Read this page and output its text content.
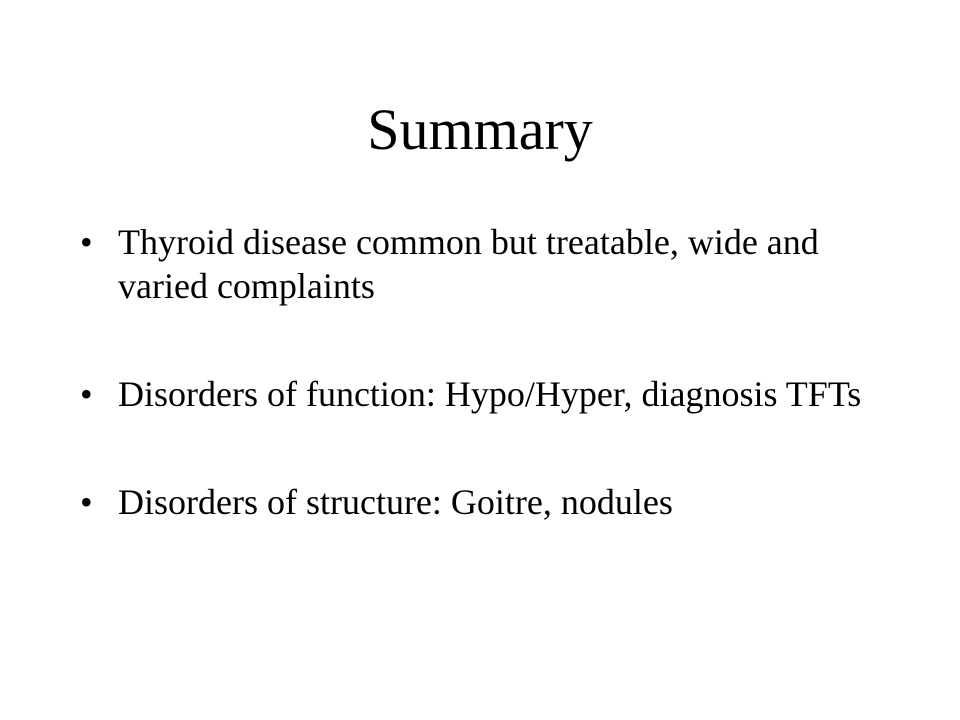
Summary
• Thyroid disease common but treatable, wide and varied complaints
• Disorders of function: Hypo/Hyper, diagnosis TFTs
• Disorders of structure: Goitre, nodules
